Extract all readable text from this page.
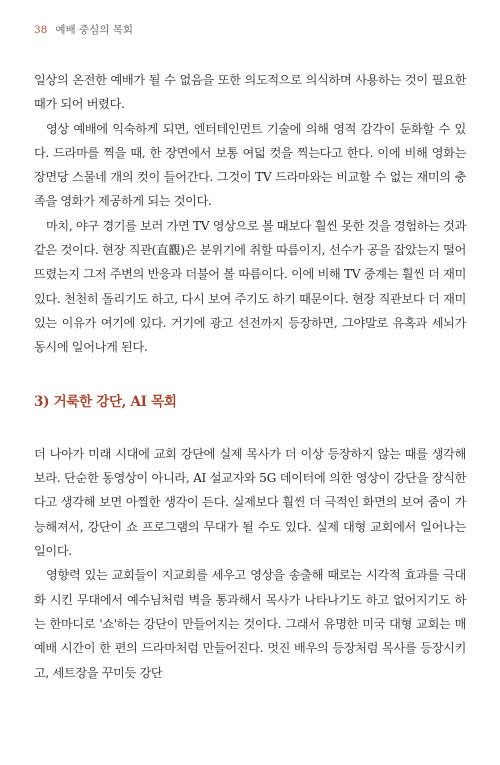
38 예배 중심의 목회

일상의 온전한 예배가 될 수 없음을 또한 의도적으로 의식하며 사용하는 것이 필요한 때가 되어 버렸다.

영상 예배에 익숙하게 되면, 엔터테인먼트 기술에 의해 영적 감각이 둔화할 수 있다. 드라마를 찍을 때, 한 장면에서 보통 여덟 컷을 찍는다고 한다. 이에 비해 영화는 장면당 스물네 개의 컷이 들어간다. 그것이 TV 드라마와는 비교할 수 없는 재미의 충족을 영화가 제공하게 되는 것이다.

마치, 야구 경기를 보러 가면 TV 영상으로 볼 때보다 훨씬 못한 것을 경험하는 것과 같은 것이다. 현장 직관(直觀)은 분위기에 취할 따름이지, 선수가 공을 잡았는지 떨어뜨렸는지 그저 주변의 반응과 더불어 볼 따름이다. 이에 비해 TV 중계는 훨씬 더 재미있다. 천천히 돌리기도 하고, 다시 보여 주기도 하기 때문이다. 현장 직관보다 더 재미있는 이유가 여기에 있다. 거기에 광고 선전까지 등장하면, 그야말로 유혹과 세뇌가 동시에 일어나게 된다.

3) 거룩한 강단, AI 목회

더 나아가 미래 시대에 교회 강단에 실제 목사가 더 이상 등장하지 않는 때를 생각해 보라. 단순한 동영상이 아니라, AI 설교자와 5G 데이터에 의한 영상이 강단을 장식한다고 생각해 보면 아찔한 생각이 든다. 실제보다 훨씬 더 극적인 화면의 보여 줌이 가능해져서, 강단이 쇼 프로그램의 무대가 될 수도 있다. 실제 대형 교회에서 일어나는 일이다.

영향력 있는 교회들이 지교회를 세우고 영상을 송출해 때로는 시각적 효과를 극대화 시킨 무대에서 예수님처럼 벽을 통과해서 목사가 나타나기도 하고 없어지기도 하는 한마디로 '쇼'하는 강단이 만들어지는 것이다. 그래서 유명한 미국 대형 교회는 매 예배 시간이 한 편의 드라마처럼 만들어진다. 멋진 배우의 등장처럼 목사를 등장시키고, 세트장을 꾸미듯 강단
